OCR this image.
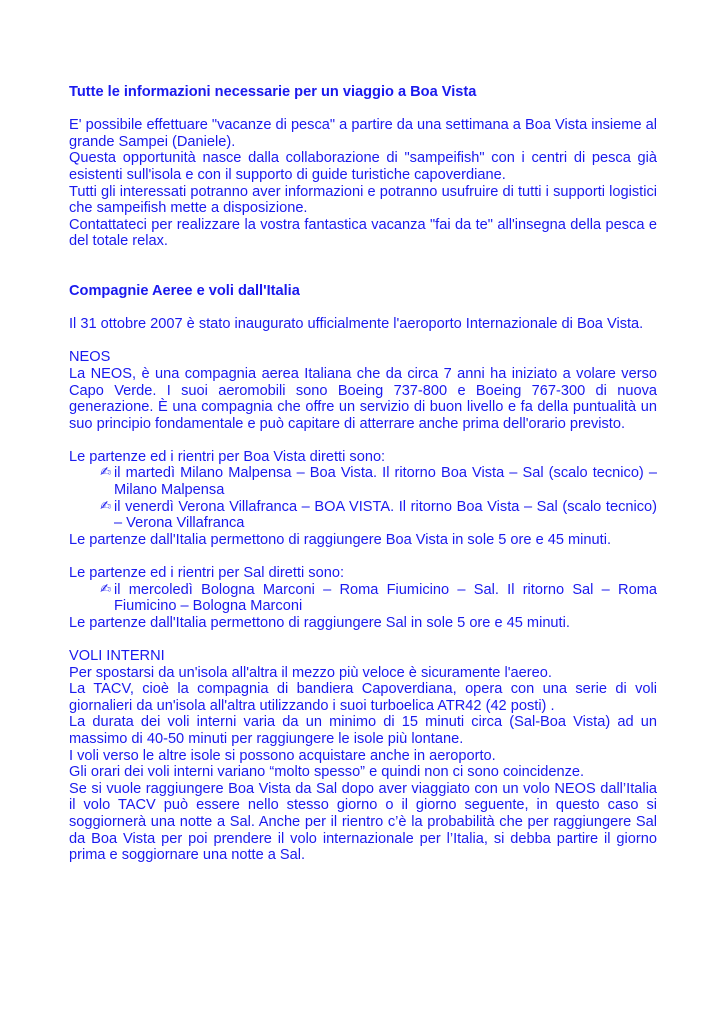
Tutte le informazioni necessarie per un viaggio a Boa Vista

E' possibile effettuare "vacanze di pesca" a partire da una settimana a Boa Vista insieme al grande Sampei (Daniele).

Questa opportunità nasce dalla collaborazione di "sampeifish" con i centri di pesca già esistenti sull'isola e con il supporto di guide turistiche capoverdiane.

Tutti gli interessati potranno aver informazioni e potranno usufruire di tutti i supporti logistici che sampeifish mette a disposizione.

Contattateci per realizzare la vostra fantastica vacanza "fai da te" all'insegna della pesca e del totale relax.

Compagnie Aeree e voli dall'Italia

Il 31 ottobre 2007 è stato inaugurato ufficialmente l'aeroporto Internazionale di Boa Vista.

NEOS

La NEOS, è una compagnia aerea Italiana che da circa 7 anni ha iniziato a volare verso Capo Verde. I suoi aeromobili sono Boeing 737-800 e Boeing 767-300 di nuova generazione. È una compagnia che offre un servizio di buon livello e fa della puntualità un suo principio fondamentale e può capitare di atterrare anche prima dell'orario previsto.

Le partenze ed i rientri per Boa Vista diretti sono:

✍ il martedì Milano Malpensa – Boa Vista. Il ritorno Boa Vista – Sal (scalo tecnico) – Milano Malpensa
✍ il venerdì Verona Villafranca – BOA VISTA. Il ritorno Boa Vista – Sal (scalo tecnico) – Verona Villafranca

Le partenze dall'Italia permettono di raggiungere Boa Vista in sole 5 ore e 45 minuti.

Le partenze ed i rientri per Sal diretti sono:

✍ il mercoledì Bologna Marconi – Roma Fiumicino – Sal. Il ritorno Sal – Roma Fiumicino – Bologna Marconi

Le partenze dall'Italia permettono di raggiungere Sal in sole 5 ore e 45 minuti.

VOLI INTERNI

Per spostarsi da un'isola all'altra il mezzo più veloce è sicuramente l'aereo.

La TACV, cioè la compagnia di bandiera Capoverdiana, opera con una serie di voli giornalieri da un'isola all'altra utilizzando i suoi turboelica ATR42 (42 posti) .

La durata dei voli interni varia da un minimo di 15 minuti circa (Sal-Boa Vista) ad un massimo di 40-50 minuti per raggiungere le isole più lontane.

I voli verso le altre isole si possono acquistare anche in aeroporto.

Gli orari dei voli interni variano “molto spesso” e quindi non ci sono coincidenze.

Se si vuole raggiungere Boa Vista da Sal dopo aver viaggiato con un volo NEOS dall’Italia il volo TACV può essere nello stesso giorno o il giorno seguente, in questo caso si soggiornerà una notte a Sal. Anche per il rientro c’è la probabilità che per raggiungere Sal da Boa Vista per poi prendere il volo internazionale per l’Italia, si debba partire il giorno prima e soggiornare una notte a Sal.
